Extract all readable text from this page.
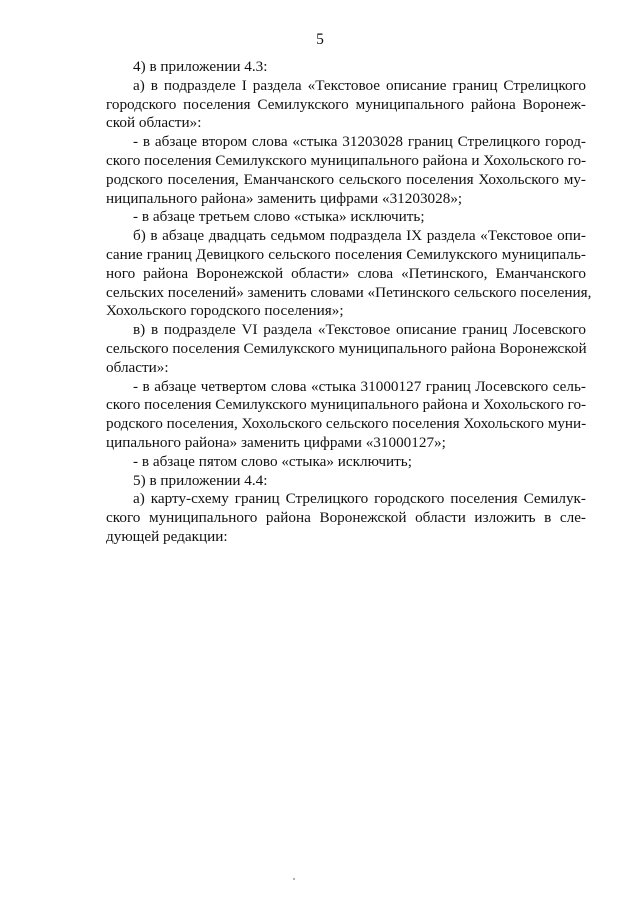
5
4) в приложении 4.3:
а) в подразделе I раздела «Текстовое описание границ Стрелицкого
городского поселения Семилукского муниципального района Воронеж-
ской области»:
- в абзаце втором слова «стыка 31203028 границ Стрелицкого город-
ского поселения Семилукского муниципального района и Хохольского го-
родского поселения, Еманчанского сельского поселения Хохольского му-
ниципального района» заменить цифрами «31203028»;
- в абзаце третьем слово «стыка» исключить;
б) в абзаце двадцать седьмом подраздела IX раздела «Текстовое опи-
сание границ Девицкого сельского поселения Семилукского муниципаль-
ного района Воронежской области» слова «Петинского, Еманчанского
сельских поселений» заменить словами «Петинского сельского поселения,
Хохольского городского поселения»;
в) в подразделе VI раздела «Текстовое описание границ Лосевского
сельского поселения Семилукского муниципального района Воронежской
области»:
- в абзаце четвертом слова «стыка 31000127 границ Лосевского сель-
ского поселения Семилукского муниципального района и Хохольского го-
родского поселения, Хохольского сельского поселения Хохольского муни-
ципального района» заменить цифрами «31000127»;
- в абзаце пятом слово «стыка» исключить;
5) в приложении 4.4:
а) карту-схему границ Стрелицкого городского поселения Семилук-
ского муниципального района Воронежской области изложить в сле-
дующей редакции:
